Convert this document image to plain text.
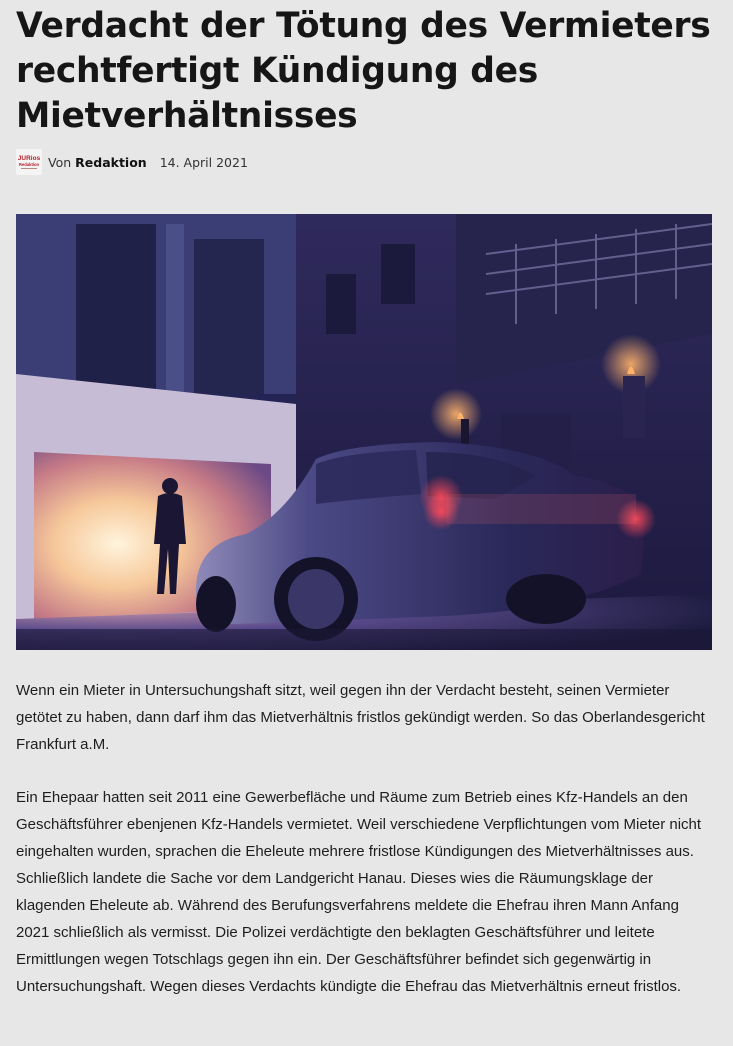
Verdacht der Tötung des Vermieters rechtfertigt Kündigung des Mietverhältnisses
JURios
Redaktion Von Redaktion 14. April 2021

Wenn ein Mieter in Untersuchungshaft sitzt, weil gegen ihn der Verdacht besteht, seinen Vermieter getötet zu haben, dann darf ihm das Mietverhältnis fristlos gekündigt werden. So das Oberlandesgericht Frankfurt a.M.

Ein Ehepaar hatten seit 2011 eine Gewerbefläche und Räume zum Betrieb eines Kfz-Handels an den Geschäftsführer ebenjenen Kfz-Handels vermietet. Weil verschiedene Verpflichtungen vom Mieter nicht eingehalten wurden, sprachen die Eheleute mehrere fristlose Kündigungen des Mietverhältnisses aus. Schließlich landete die Sache vor dem Landgericht Hanau. Dieses wies die Räumungsklage der klagenden Eheleute ab. Während des Berufungsverfahrens meldete die Ehefrau ihren Mann Anfang 2021 schließlich als vermisst. Die Polizei verdächtigte den beklagten Geschäftsführer und leitete Ermittlungen wegen Totschlags gegen ihn ein. Der Geschäftsführer befindet sich gegenwärtig in Untersuchungshaft. Wegen dieses Verdachts kündigte die Ehefrau das Mietverhältnis erneut fristlos.
